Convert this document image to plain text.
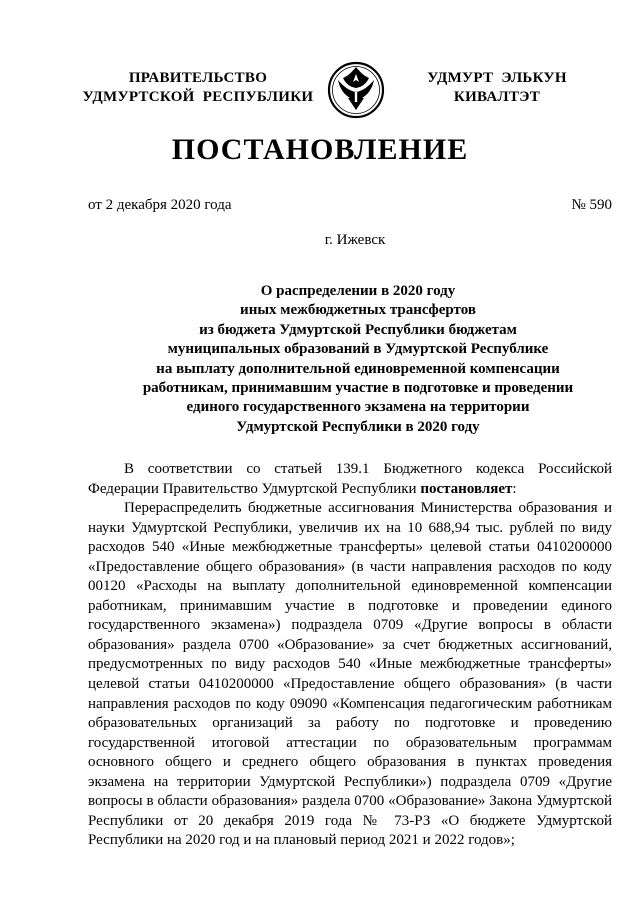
ПРАВИТЕЛЬСТВО
УДМУРТСКОЙ  РЕСПУБЛИКИ
УДМУРТ  ЭЛЬКУН
КИВАЛТЭТ
ПОСТАНОВЛЕНИЕ
от 2 декабря 2020 года	№ 590
г. Ижевск
О распределении в 2020 году
иных межбюджетных трансфертов
из бюджета Удмуртской Республики бюджетам
муниципальных образований в Удмуртской Республике
на выплату дополнительной единовременной компенсации
работникам, принимавшим участие в подготовке и проведении
единого государственного экзамена на территории
Удмуртской Республики в 2020 году

В соответствии со статьей 139.1 Бюджетного кодекса Российской Федерации Правительство Удмуртской Республики постановляет:

Перераспределить бюджетные ассигнования Министерства образования и науки Удмуртской Республики, увеличив их на 10 688,94 тыс. рублей по виду расходов 540 «Иные межбюджетные трансферты» целевой статьи 0410200000 «Предоставление общего образования» (в части направления расходов по коду 00120 «Расходы на выплату дополнительной единовременной компенсации работникам, принимавшим участие в подготовке и проведении единого государственного экзамена») подраздела 0709 «Другие вопросы в области образования» раздела 0700 «Образование» за счет бюджетных ассигнований, предусмотренных по виду расходов 540 «Иные межбюджетные трансферты» целевой статьи 0410200000 «Предоставление общего образования» (в части направления расходов по коду 09090 «Компенсация педагогическим работникам образовательных организаций за работу по подготовке и проведению государственной итоговой аттестации по образовательным программам основного общего и среднего общего образования в пунктах проведения экзамена на территории Удмуртской Республики») подраздела 0709 «Другие вопросы в области образования» раздела 0700 «Образование» Закона Удмуртской Республики от 20 декабря 2019 года № 73-РЗ «О бюджете Удмуртской Республики на 2020 год и на плановый период 2021 и 2022 годов»;
